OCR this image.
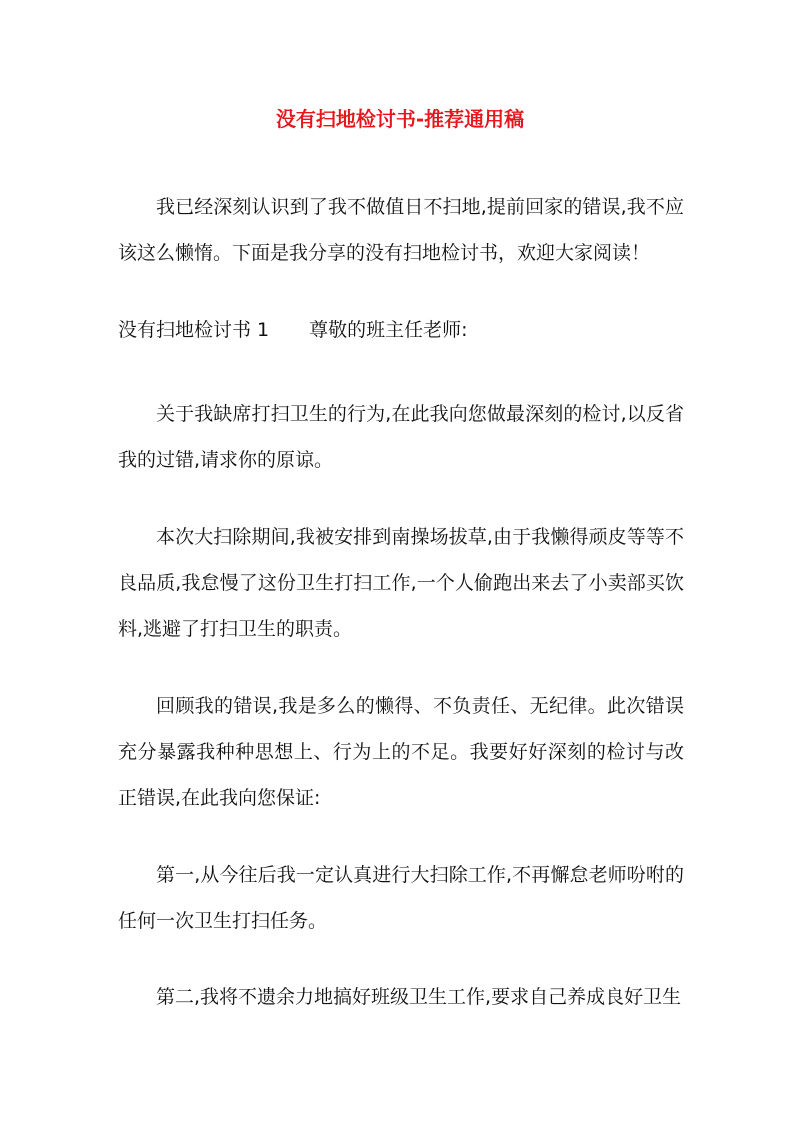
没有扫地检讨书-推荐通用稿

我已经深刻认识到了我不做值日不扫地,提前回家的错误,我不应该这么懒惰。下面是我分享的没有扫地检讨书，欢迎大家阅读！

没有扫地检讨书 1 尊敬的班主任老师:

关于我缺席打扫卫生的行为,在此我向您做最深刻的检讨,以反省我的过错,请求你的原谅。

本次大扫除期间,我被安排到南操场拔草,由于我懒得顽皮等等不良品质,我怠慢了这份卫生打扫工作,一个人偷跑出来去了小卖部买饮料,逃避了打扫卫生的职责。

回顾我的错误,我是多么的懒得、不负责任、无纪律。此次错误充分暴露我种种思想上、行为上的不足。我要好好深刻的检讨与改正错误,在此我向您保证:

第一,从今往后我一定认真进行大扫除工作,不再懈怠老师吩咐的任何一次卫生打扫任务。

第二,我将不遗余力地搞好班级卫生工作,要求自己养成良好卫生
